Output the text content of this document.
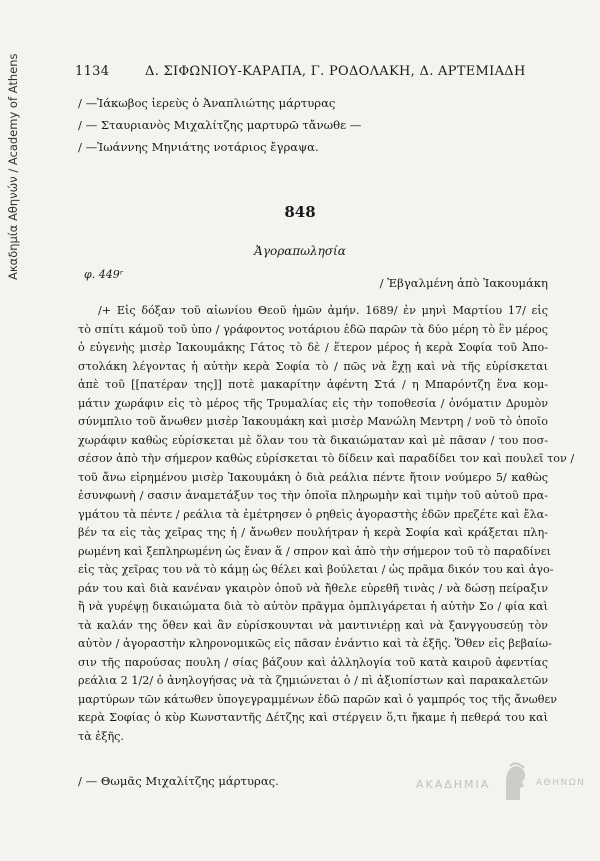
Ακαδημία Αθηνών / Academy of Athens	1134	Δ. ΣΙΦΩΝΙΟΥ-ΚΑΡΑΠΑ, Γ. ΡΟΔΟΛΑΚΗ, Δ. ΑΡΤΕΜΙΑΔΗ
/ —Ἰάκωβος ἱερεὺς ὁ Ἀναπλιώτης μάρτυρας
/ — Σταυριανὸς Μιχαλίτζης μαρτυρῶ τἄνωθε —
/ —Ἰωάννης Μηνιάτης νοτάριος ἔγραψα.
848
Ἀγοραπωλησία
φ. 449ʳ
/ Ἐβγαλμένη ἀπὸ Ἰακουμάκη
/+ Εἰς δόξαν τοῦ αἰωνίου Θεοῦ ἡμῶν ἀμήν. 1689/ ἐν μηνὶ Μαρτίου 17/ εἰς
τὸ σπίτι κάμοῦ τοῦ ὑπο / γράφοντος νοτάριου ἐδῶ παρῶν τὰ δύο μέρη τὸ ἓν μέρος
ὁ εὐγενὴς μισὲρ Ἰακουμάκης Γάτος τὸ δὲ / ἕτερον μέρος ἡ κερὰ Σοφία τοῦ Ἀπο-
στολάκη λέγοντας ἡ αὐτὴν κερὰ Σοφία τὸ / πῶς νὰ ἔχῃ καὶ νὰ τῆς εὑρίσκεται
ἀπὲ τοῦ [[πατέραν της]] ποτὲ μακαρίτην ἀφέντη Στά / η Μπαρόντζη ἕνα κομ-
μάτιν χωράφιν εἰς τὸ μέρος τῆς Τρυμαλίας εἰς τὴν τοποθεσία / ὀνόματιν Δρυμὸν
σύνμπλιο τοῦ ἄνωθεν μισὲρ Ἰακουμάκη καὶ μισὲρ Μανώλη Μεντρη / νοῦ τὸ ὁποῖο
χωράφιν καθὼς εὑρίσκεται μὲ ὅλαν του τὰ δικαιώματαν καὶ μὲ πᾶσαν / του ποσ-
σέσον ἀπὸ τὴν σήμερον καθὼς εὑρίσκεται τὸ δίδειν καὶ παραδίδει τον καὶ πουλεῖ τον /
τοῦ ἄνω εἰρημένου μισὲρ Ἰακουμάκη ὁ διὰ ρεάλια πέντε ἤτοιν νούμερο 5/ καθὼς
ἐσυνφωνὴ / σασιν ἀναμετάξυν τος τὴν ὁποῖα πληρωμὴν καὶ τιμὴν τοῦ αὐτοῦ πρα-
γμάτου τὰ πέντε / ρεάλια τὰ ἐμέτρησεν ὁ ρηθεὶς ἀγοραστὴς ἐδῶν πρεζέτε καὶ ἔλα-
βέν τα εἰς τὰς χεῖρας της ἡ / ἄνωθεν πουλήτραν ἡ κερὰ Σοφία καὶ κράξεται πλη-
ρωμένη καὶ ξεπληρωμένη ὡς ἔναν ἅ / σπρον καὶ ἀπὸ τὴν σήμερον τοῦ τὸ παραδίνει
εἰς τὰς χεῖρας του νὰ τὸ κάμῃ ὡς θέλει καὶ βούλεται / ὡς πρᾶμα δικόν του καὶ ἀγο-
ράν του καὶ διὰ κανέναν γκαιρὸν ὁποῦ νὰ ἤθελε εὑρεθῆ τινὰς / νὰ δώσῃ πείραξιν
ἢ νὰ γυρέψῃ δικαιώματα διὰ τὸ αὐτὸν πρᾶγμα ὀμπλιγάρεται ἡ αὐτὴν Σο / φία καὶ
τὰ καλάν της ὅθεν καὶ ἂν εὑρίσκουνται νὰ μαντινιέρῃ καὶ νὰ ξανγγουσεύῃ τὸν
αὐτὸν / ἀγοραστὴν κληρονομικῶς εἰς πᾶσαν ἐνάντιο καὶ τὰ ἐξῆς. Ὅθεν εἰς βεβαίω-
σιν τῆς παρούσας πουλη / σίας βάζουν καὶ ἀλληλογία τοῦ κατὰ καιροῦ ἀφεντίας
ρεάλια 2 1/2/ ὁ ἀνηλογήσας νὰ τὰ ζημιώνεται ὁ / πὶ ἀξιοπίστων καὶ παρακαλετῶν
μαρτύρων τῶν κάτωθεν ὑπογεγραμμένων ἐδῶ παρῶν καὶ ὁ γαμπρός τος τῆς ἄνωθεν
κερὰ Σοφίας ὁ κὺρ Κωνσταντῆς Δέτζης καὶ στέργειν ὅ,τι ἤκαμε ἡ πεθερά του καὶ
τὰ ἐξῆς.
/ — Θωμᾶς Μιχαλίτζης μάρτυρας.	ΑΚΑΔΗΜΙΑ	ΑΘΗΝΩΝ
